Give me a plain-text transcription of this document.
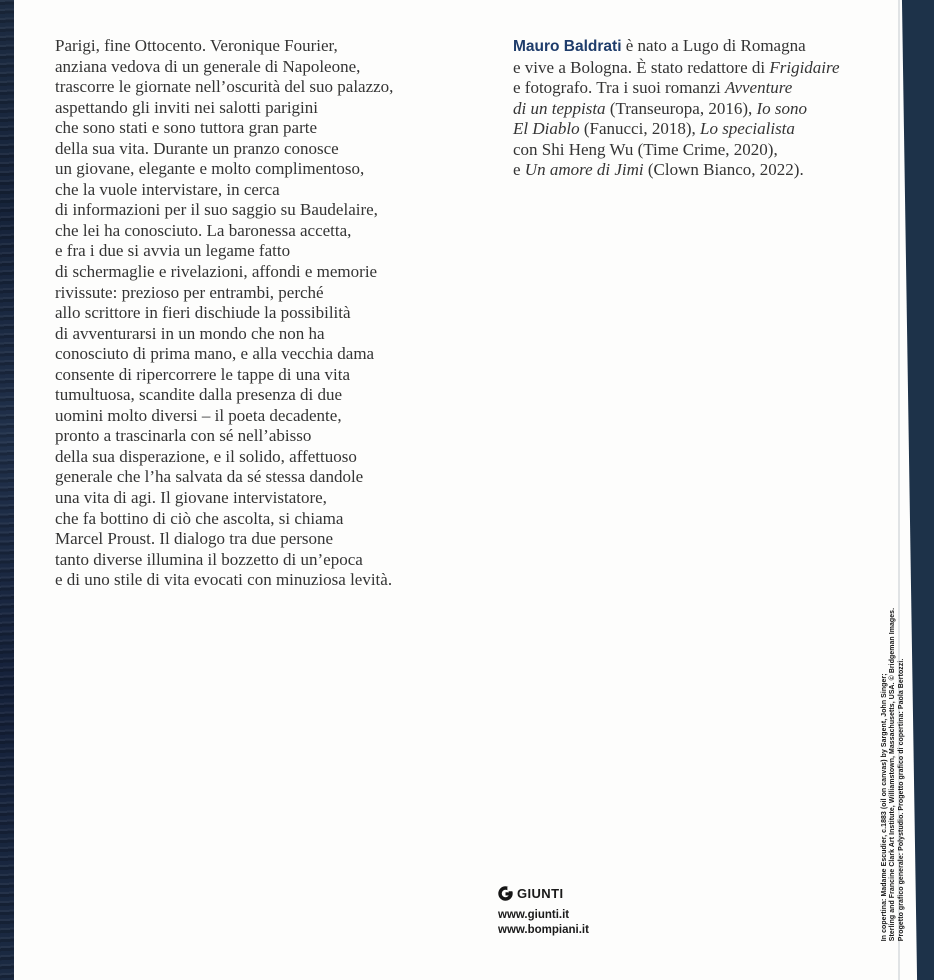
Parigi, fine Ottocento. Veronique Fourier,
anziana vedova di un generale di Napoleone,
trascorre le giornate nell’oscurità del suo palazzo,
aspettando gli inviti nei salotti parigini
che sono stati e sono tuttora gran parte
della sua vita. Durante un pranzo conosce
un giovane, elegante e molto complimentoso,
che la vuole intervistare, in cerca
di informazioni per il suo saggio su Baudelaire,
che lei ha conosciuto. La baronessa accetta,
e fra i due si avvia un legame fatto
di schermaglie e rivelazioni, affondi e memorie
rivissute: prezioso per entrambi, perché
allo scrittore in fieri dischiude la possibilità
di avventurarsi in un mondo che non ha
conosciuto di prima mano, e alla vecchia dama
consente di ripercorrere le tappe di una vita
tumultuosa, scandite dalla presenza di due
uomini molto diversi – il poeta decadente,
pronto a trascinarla con sé nell’abisso
della sua disperazione, e il solido, affettuoso
generale che l’ha salvata da sé stessa dandole
una vita di agi. Il giovane intervistatore,
che fa bottino di ciò che ascolta, si chiama
Marcel Proust. Il dialogo tra due persone
tanto diverse illumina il bozzetto di un’epoca
e di uno stile di vita evocati con minuziosa levità.
Mauro Baldrati è nato a Lugo di Romagna
e vive a Bologna. È stato redattore di Frigidaire
e fotografo. Tra i suoi romanzi Avventure
di un teppista (Transeuropa, 2016), Io sono
El Diablo (Fanucci, 2018), Lo specialista
con Shi Heng Wu (Time Crime, 2020),
e Un amore di Jimi (Clown Bianco, 2022).
In copertina: Madame Escudier, c.1883 (oil on canvas) by Sargent, John Singer; Sterling and Francine Clark Art Institute, Williamstown, Massachusetts, USA. © Bridgeman Images. Progetto grafico generale: Polystudio. Progetto grafico di copertina: Paola Bertozzi.
GIUNTI
www.giunti.it
www.bompiani.it
